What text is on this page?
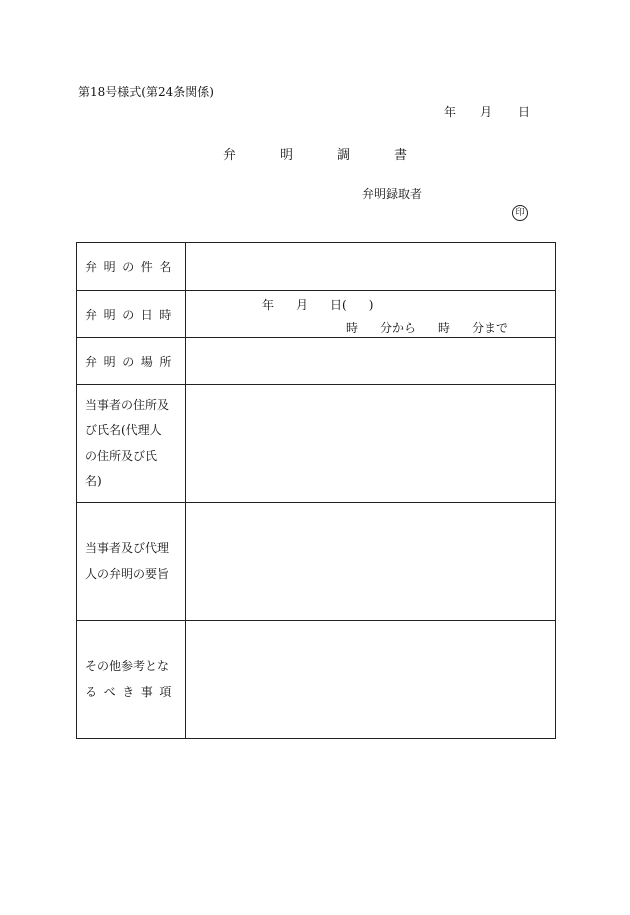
第18号様式(第24条関係)
年 月 日
弁	明	調	書
弁明録取者
印
弁明の件名	
弁明の日時	年 月 日( )
時 分から 時 分まで

弁明の場所	

当事者の住所及
び氏名(代理人
の住所及び氏
名)	

当事者及び代理
人の弁明の要旨	

その他参考とな
るべき事項	
